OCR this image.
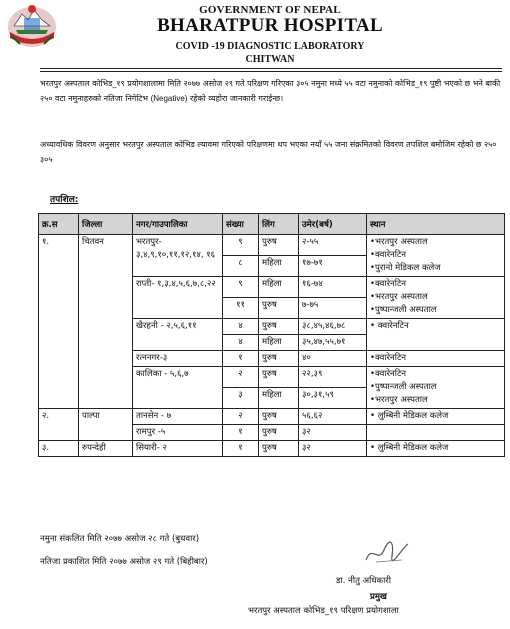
GOVERNMENT OF NEPAL
BHARATPUR HOSPITAL
COVID -19 DIAGNOSTIC LABORATORY
CHITWAN
भरतपुर अस्पताल कोभिड_१९ प्रयोगशालामा मिति २०७७ असोज २९ गते परिक्षण गरिएका ३०५ नमुना मध्ये ५५ वटा नमुनाको कोभिड_१९ पुष्टी भएको छ भने बाकी २५० वटा नमुनाहरुको नतिजा निगेटिभ (Negative) रहेको व्यहोरा जानकारी गराईन्छ।
अध्यावधिक विवरण अनुसार भरतपुर अस्पताल कोभिड ल्यावमा गरिएको परिक्षणमा थप भएका नयाँ ५५ जना संक्रमितको विवरण तपशिल बमोजिम रहेको छ २५० ३०५
तपशिल:
क्र.स	जिल्ला	नगर/गाउपालिका	संख्या	लिंग	उमेर(बर्ष)	स्थान
१.	चितवन	भरतपुर- ३,४,९,१०,११,१२,१४, १६	९	पुरुष	२-५५	•भरतपुर अस्पताल
•क्वारेनटिन
•पुरानो मेडिकल कलेज

			८	महिला	१७-७१	
		राप्ती- १,३,४,५,६,७,८,२२	९	महिला	१६-७४	•क्वारेनटिन
•भरतपुर अस्पताल
•पुष्पान्जली अस्पताल

			११	पुरुष	७-७५	
		खैरहनी - २,५,६,११	४	पुरुष	३८,४५,४६,७८	• क्वारेनटिन

			४	महिला	३५,४७,५५,७१	
		रत्ननगर-३	१	पुरुष	४०	•क्वारेनटिन

		कालिका - ५,६,७	२	पुरुष	२२,३९	•क्वारेनटिन
•पुष्पान्जली अस्पताल
•भरतपुर अस्पताल

			३	महिला	३०,३१,५९	
२.	पाल्पा	तानसेन - ७	२	पुरुष	५६,६२	• लुम्बिनी मेडिकल कलेज

		रामपुर -५	१	पुरुष	३२	
३.	रुपन्देही	सियारी- २	१	पुरुष	३२	• लुम्बिनी मेडिकल कलेज
नमुना संकलित मिति २०७७ असोज २८ गते (बुधवार)
नतिजा प्रकाशित मिति २०७७ असोज २९ गते (बिहीबार)
डा. नीतु अधिकारी
प्रमुख
भरतपुर अस्पताल कोभिड_१९ परिक्षण प्रयोगशाला
